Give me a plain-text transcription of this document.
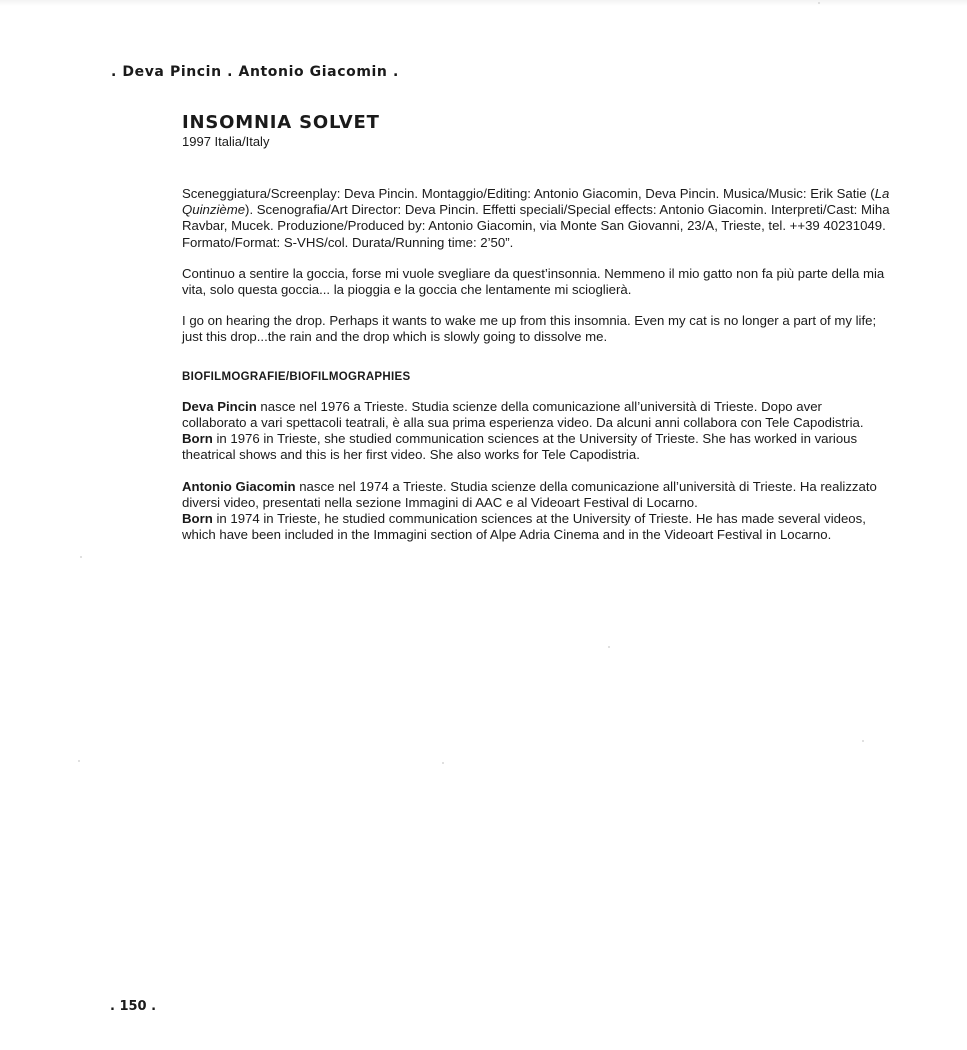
. Deva Pincin . Antonio Giacomin .
INSOMNIA SOLVET
1997 Italia/Italy

Sceneggiatura/Screenplay: Deva Pincin. Montaggio/Editing: Antonio Giacomin, Deva Pincin. Musica/Music: Erik Satie (La Quinzième). Scenografia/Art Director: Deva Pincin. Effetti speciali/Special effects: Antonio Giacomin. Interpreti/Cast: Miha Ravbar, Mucek. Produzione/Produced by: Antonio Giacomin, via Monte San Giovanni, 23/A, Trieste, tel. ++39 40231049. Formato/Format: S-VHS/col. Durata/Running time: 2’50”.

Continuo a sentire la goccia, forse mi vuole svegliare da quest’insonnia. Nemmeno il mio gatto non fa più parte della mia vita, solo questa goccia... la pioggia e la goccia che lentamente mi scioglierà.

I go on hearing the drop. Perhaps it wants to wake me up from this insomnia. Even my cat is no longer a part of my life; just this drop...the rain and the drop which is slowly going to dissolve me.

BIOFILMOGRAFIE/BIOFILMOGRAPHIES

Deva Pincin nasce nel 1976 a Trieste. Studia scienze della comunicazione all’università di Trieste. Dopo aver collaborato a vari spettacoli teatrali, è alla sua prima esperienza video. Da alcuni anni collabora con Tele Capodistria.
Born in 1976 in Trieste, she studied communication sciences at the University of Trieste. She has worked in various theatrical shows and this is her first video. She also works for Tele Capodistria.

Antonio Giacomin nasce nel 1974 a Trieste. Studia scienze della comunicazione all’università di Trieste. Ha realizzato diversi video, presentati nella sezione Immagini di AAC e al Videoart Festival di Locarno.
Born in 1974 in Trieste, he studied communication sciences at the University of Trieste. He has made several videos, which have been included in the Immagini section of Alpe Adria Cinema and in the Videoart Festival in Locarno.

. 150 .
